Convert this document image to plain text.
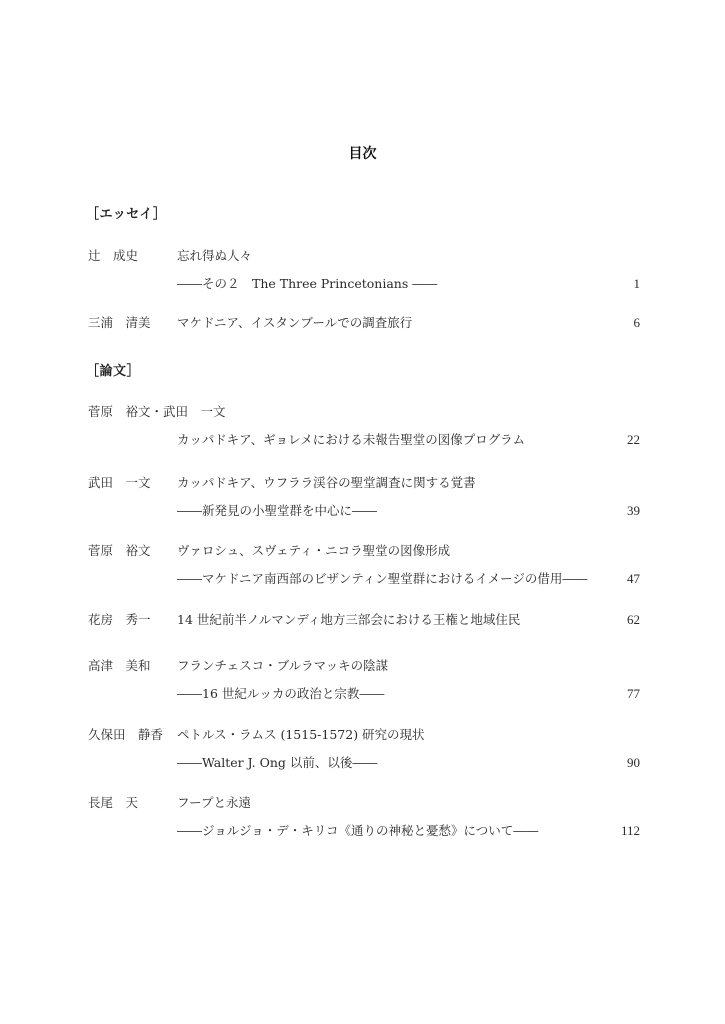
目次
［エッセイ］
辻　成史	忘れ得ぬ人々
――その２　The Three Princetonians ――	1
三浦　清美 マケドニア、イスタンブールでの調査旅行	6
［論文］
菅原　裕文・武田　一文
カッパドキア、ギョレメにおける未報告聖堂の図像プログラム	22
武田　一文 カッパドキア、ウフララ渓谷の聖堂調査に関する覚書
――新発見の小聖堂群を中心に――	39
菅原　裕文 ヴァロシュ、スヴェティ・ニコラ聖堂の図像形成
――マケドニア南西部のビザンティン聖堂群におけるイメージの借用――	47
花房　秀一 14 世紀前半ノルマンディ地方三部会における王権と地域住民	62
高津　美和 フランチェスコ・ブルラマッキの陰謀
――16 世紀ルッカの政治と宗教――	77
久保田　静香 ペトルス・ラムス (1515-1572) 研究の現状
――Walter J. Ong 以前、以後――	90
長尾　天	フープと永遠
――ジョルジョ・デ・キリコ《通りの神秘と憂愁》について――	112
